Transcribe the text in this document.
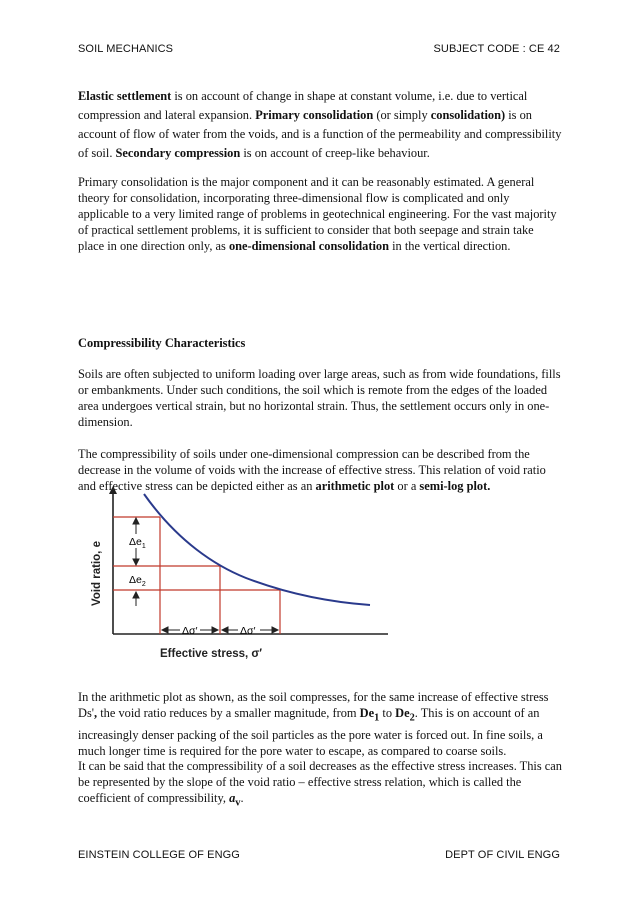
SOIL MECHANICS	SUBJECT CODE : CE 42

Elastic settlement is on account of change in shape at constant volume, i.e. due to vertical compression and lateral expansion. Primary consolidation (or simply consolidation) is on account of flow of water from the voids, and is a function of the permeability and compressibility of soil. Secondary compression is on account of creep-like behaviour.

Primary consolidation is the major component and it can be reasonably estimated. A general theory for consolidation, incorporating three-dimensional flow is complicated and only applicable to a very limited range of problems in geotechnical engineering. For the vast majority of practical settlement problems, it is sufficient to consider that both seepage and strain take place in one direction only, as one-dimensional consolidation in the vertical direction.

Compressibility Characteristics

Soils are often subjected to uniform loading over large areas, such as from wide foundations, fills or embankments. Under such conditions, the soil which is remote from the edges of the loaded area undergoes vertical strain, but no horizontal strain. Thus, the settlement occurs only in one-dimension.

The compressibility of soils under one-dimensional compression can be described from the decrease in the volume of voids with the increase of effective stress. This relation of void ratio and effective stress can be depicted either as an arithmetic plot or a semi-log plot.

$\Delta e_1$
$\Delta e_2$
Δσ′	Δσ′
Void ratio, e
Effective stress, σ′

In the arithmetic plot as shown, as the soil compresses, for the same increase of effective stress Ds', the void ratio reduces by a smaller magnitude, from $De_1$ to $De_2$. This is on account of an increasingly denser packing of the soil particles as the pore water is forced out. In fine soils, a much longer time is required for the pore water to escape, as compared to coarse soils.

It can be said that the compressibility of a soil decreases as the effective stress increases. This can be represented by the slope of the void ratio – effective stress relation, which is called the coefficient of compressibility, $a_v$.

EINSTEIN COLLEGE OF ENGG	DEPT OF CIVIL ENGG
